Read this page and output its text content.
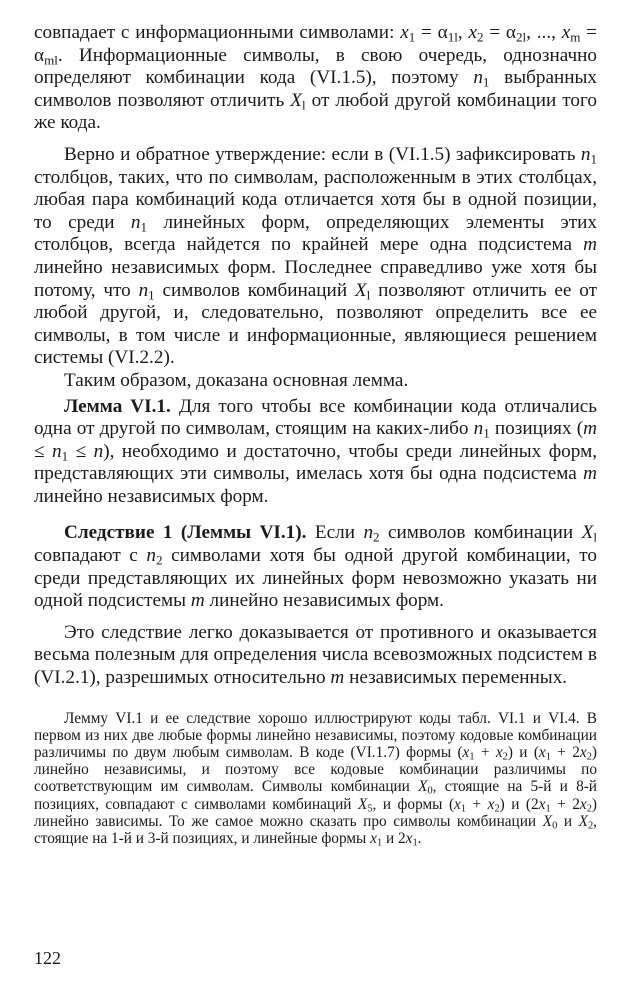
совпадает с информационными символами: $x_1 = \alpha_{1l}$, $x_2 = \alpha_{2l}$, ..., $x_m = \alpha_{ml}$. Информационные символы, в свою очередь, однозначно определяют комбинации кода (VI.1.5), поэтому $n_1$ выбранных символов позволяют отличить $X_l$ от любой другой комбинации того же кода.

Верно и обратное утверждение: если в (VI.1.5) зафиксировать $n_1$ столбцов, таких, что по символам, расположенным в этих столбцах, любая пара комбинаций кода отличается хотя бы в одной позиции, то среди $n_1$ линейных форм, определяющих элементы этих столбцов, всегда найдется по крайней мере одна подсистема m линейно независимых форм. Последнее справедливо уже хотя бы потому, что $n_1$ символов комбинаций $X_l$ позволяют отличить ее от любой другой, и, следовательно, позволяют определить все ее символы, в том числе и информационные, являющиеся решением системы (VI.2.2).

Таким образом, доказана основная лемма.

Лемма VI.1. Для того чтобы все комбинации кода отличались одна от другой по символам, стоящим на каких-либо $n_1$ позициях $(m \le n_1 \le n)$, необходимо и достаточно, чтобы среди линейных форм, представляющих эти символы, имелась хотя бы одна подсистема m линейно независимых форм.

Следствие 1 (Леммы VI.1). Если $n_2$ символов комбинации $X_l$ совпадают с $n_2$ символами хотя бы одной другой комбинации, то среди представляющих их линейных форм невозможно указать ни одной подсистемы m линейно независимых форм.

Это следствие легко доказывается от противного и оказывается весьма полезным для определения числа всевозможных подсистем в (VI.2.1), разрешимых относительно m независимых переменных.

Лемму VI.1 и ее следствие хорошо иллюстрируют коды табл. VI.1 и VI.4. В первом из них две любые формы линейно независимы, поэтому кодовые комбинации различимы по двум любым символам. В коде (VI.1.7) формы $(x_1 + x_2)$ и $(x_1 + 2x_2)$ линейно независимы, и поэтому все кодовые комбинации различимы по соответствующим им символам. Символы комбинации $X_0$, стоящие на 5-й и 8-й позициях, совпадают с символами комбинаций $X_5$, и формы $(x_1 + x_2)$ и $(2x_1 + 2x_2)$ линейно зависимы. То же самое можно сказать про символы комбинации $X_0$ и $X_2$, стоящие на 1-й и 3-й позициях, и линейные формы $x_1$ и $2x_1$.

122
